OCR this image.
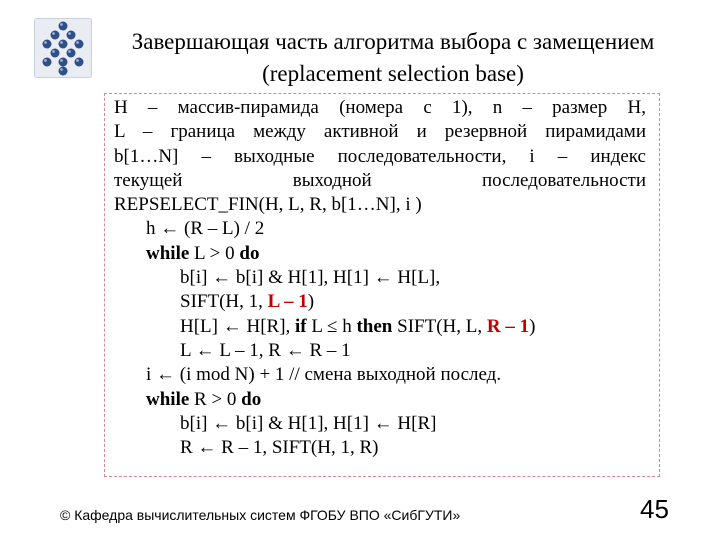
Завершающая часть алгоритма выбора с замещением
(replacement selection base)
H – массив-пирамида (номера с 1), n – размер H,
L – граница между активной и резервной пирамидами
b[1…N] – выходные последовательности, i – индекс
текущей выходной последовательности
REPSELECT_FIN(H, L, R, b[1…N], i )
h ← (R – L) / 2
while L > 0 do
b[i] ← b[i] & H[1], H[1] ← H[L],
SIFT(H, 1, L – 1)
H[L] ← H[R], if L ≤ h then SIFT(H, L, R – 1)
L ← L – 1, R ← R – 1
i ← (i mod N) + 1 // смена выходной послед.
while R > 0 do
b[i] ← b[i] & H[1], H[1] ← H[R]
R ← R – 1, SIFT(H, 1, R)
© Кафедра вычислительных систем ФГОБУ ВПО «СибГУТИ»	45
